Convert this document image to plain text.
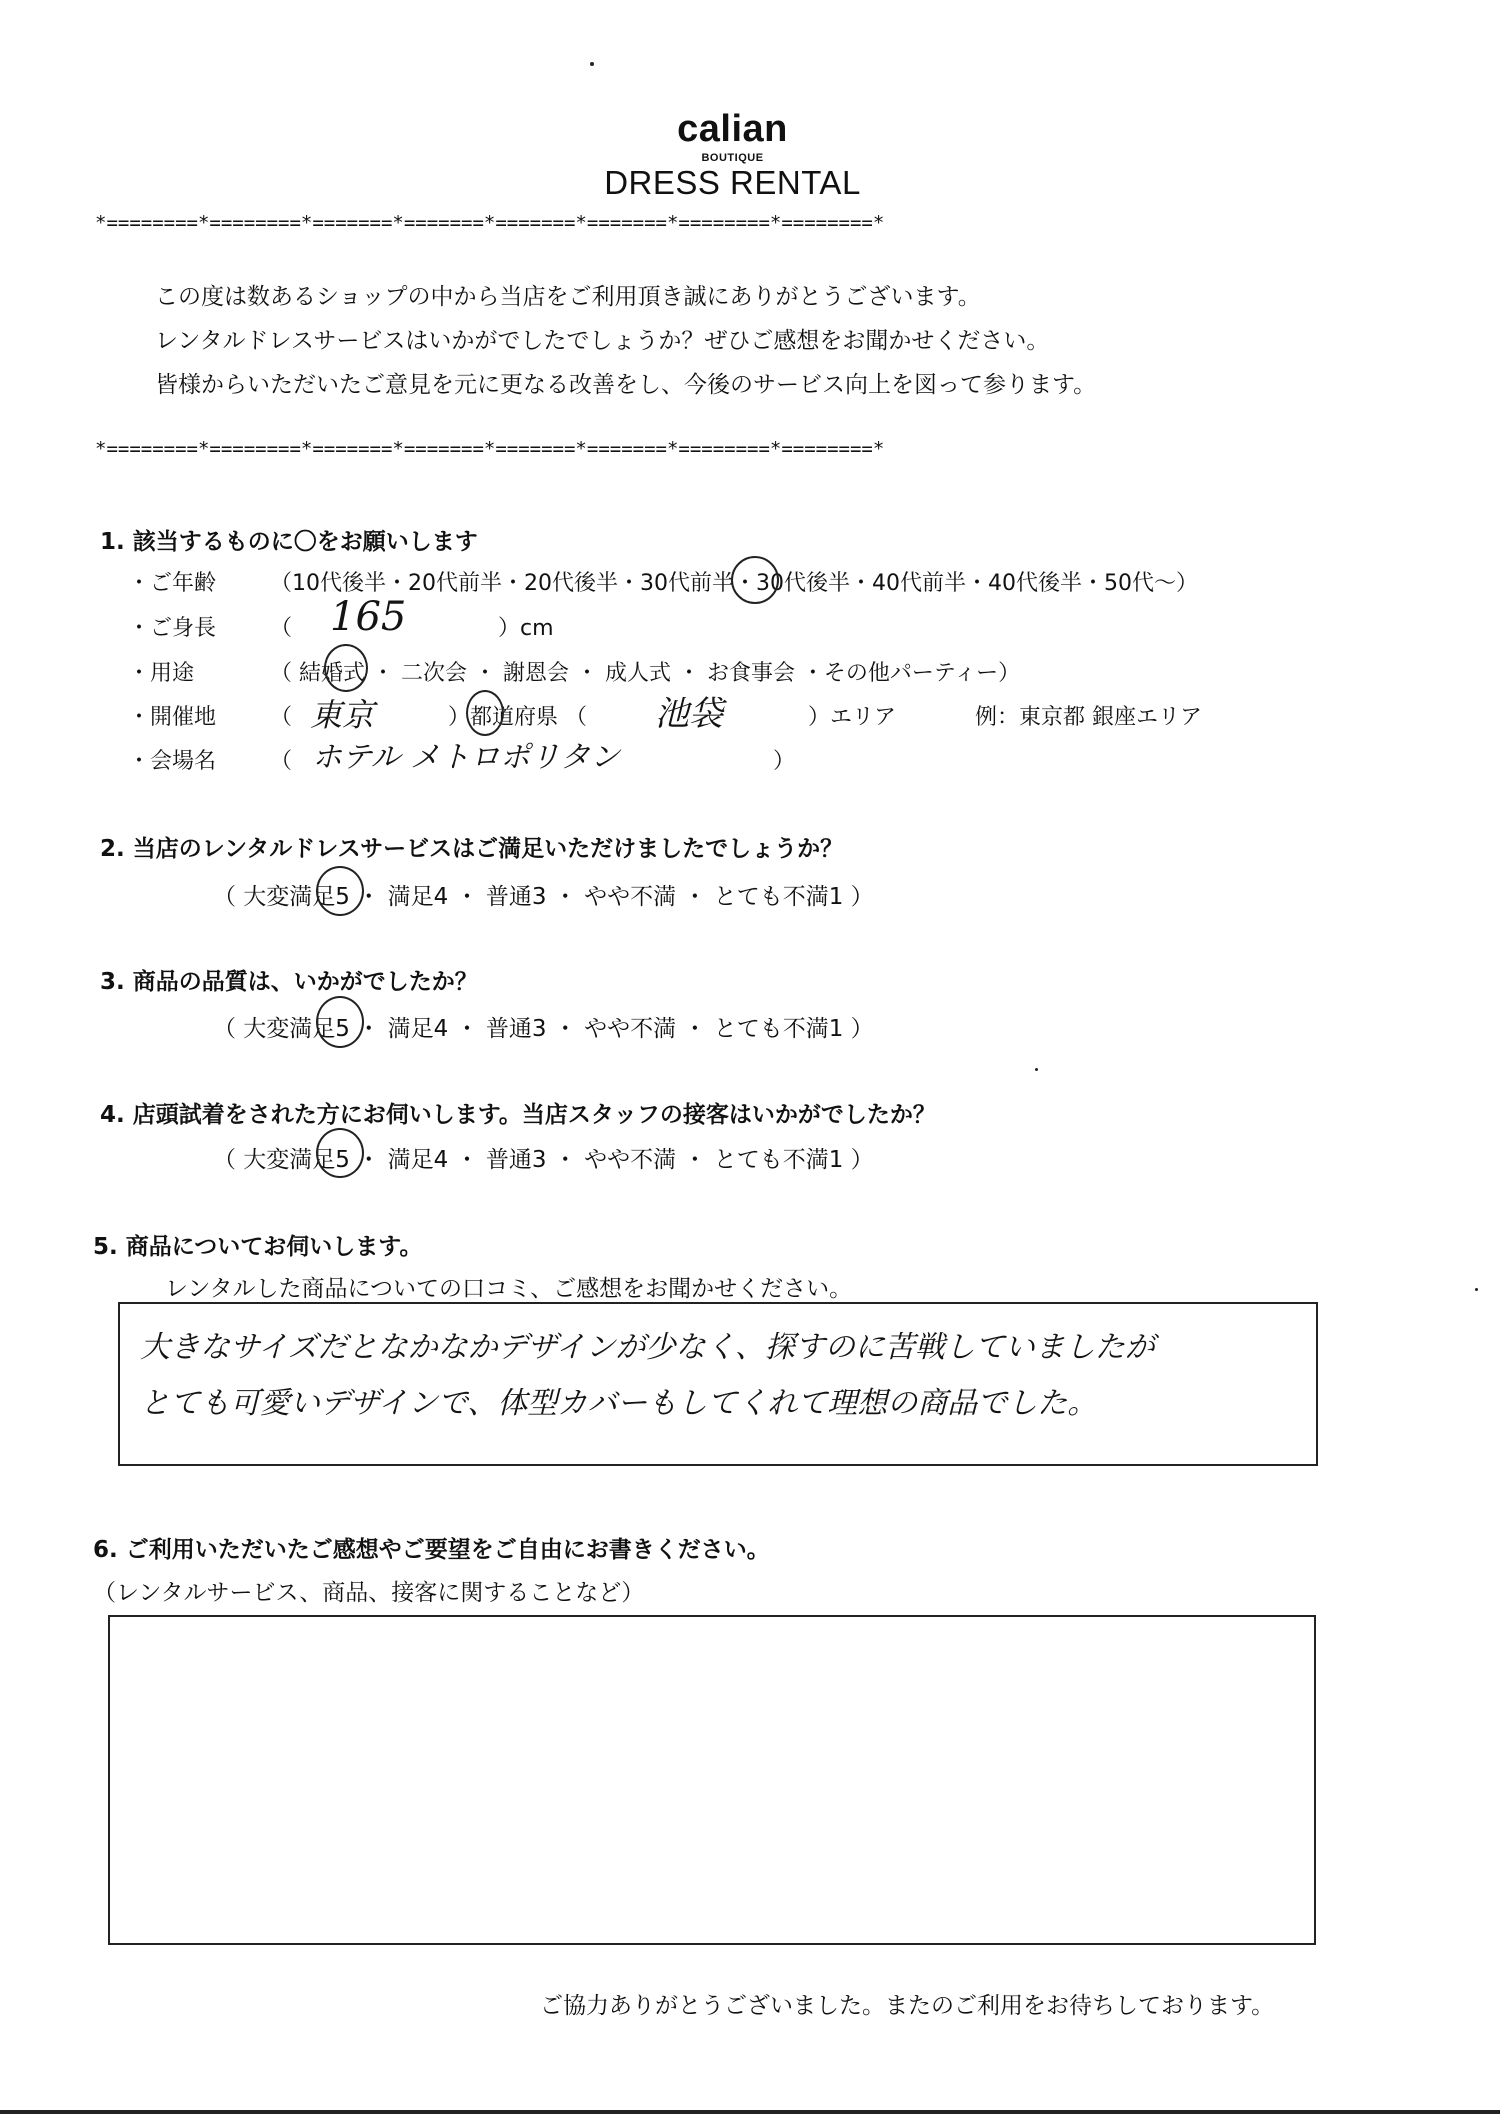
calian
BOUTIQUE
DRESS RENTAL
*========*========*=======*=======*=======*=======*========*========*
この度は数あるショップの中から当店をご利用頂き誠にありがとうございます。
レンタルドレスサービスはいかがでしたでしょうか？ぜひご感想をお聞かせください。
皆様からいただいたご意見を元に更なる改善をし、今後のサービス向上を図って参ります。
*========*========*=======*=======*=======*=======*========*========*
1. 該当するものに〇をお願いします
・ご年齢 （10代後半・20代前半・20代後半・30代前半・30代後半・40代前半・40代後半・50代～）
・ご身長 （ 165	）cm
・用途	（ 結婚式 ・ 二次会 ・ 謝恩会 ・ 成人式 ・ お食事会 ・その他パーティー）
・開催地 （ 東京	）都道府県 （ 池袋	）エリア	例：東京都 銀座エリア
・会場名 （ ホテル メトロポリタン	）
2. 当店のレンタルドレスサービスはご満足いただけましたでしょうか？
（ 大変満足5 ・ 満足4 ・ 普通3 ・ やや不満 ・ とても不満1 ）
3. 商品の品質は、いかがでしたか？
（ 大変満足5 ・ 満足4 ・ 普通3 ・ やや不満 ・ とても不満1 ）
4. 店頭試着をされた方にお伺いします。当店スタッフの接客はいかがでしたか？
（ 大変満足5 ・ 満足4 ・ 普通3 ・ やや不満 ・ とても不満1 ）
5. 商品についてお伺いします。
レンタルした商品についての口コミ、ご感想をお聞かせください。
大きなサイズだとなかなかデザインが少なく、探すのに苦戦していましたが
とても可愛いデザインで、体型カバーもしてくれて理想の商品でした。
6. ご利用いただいたご感想やご要望をご自由にお書きください。
（レンタルサービス、商品、接客に関することなど）
ご協力ありがとうございました。またのご利用をお待ちしております。
